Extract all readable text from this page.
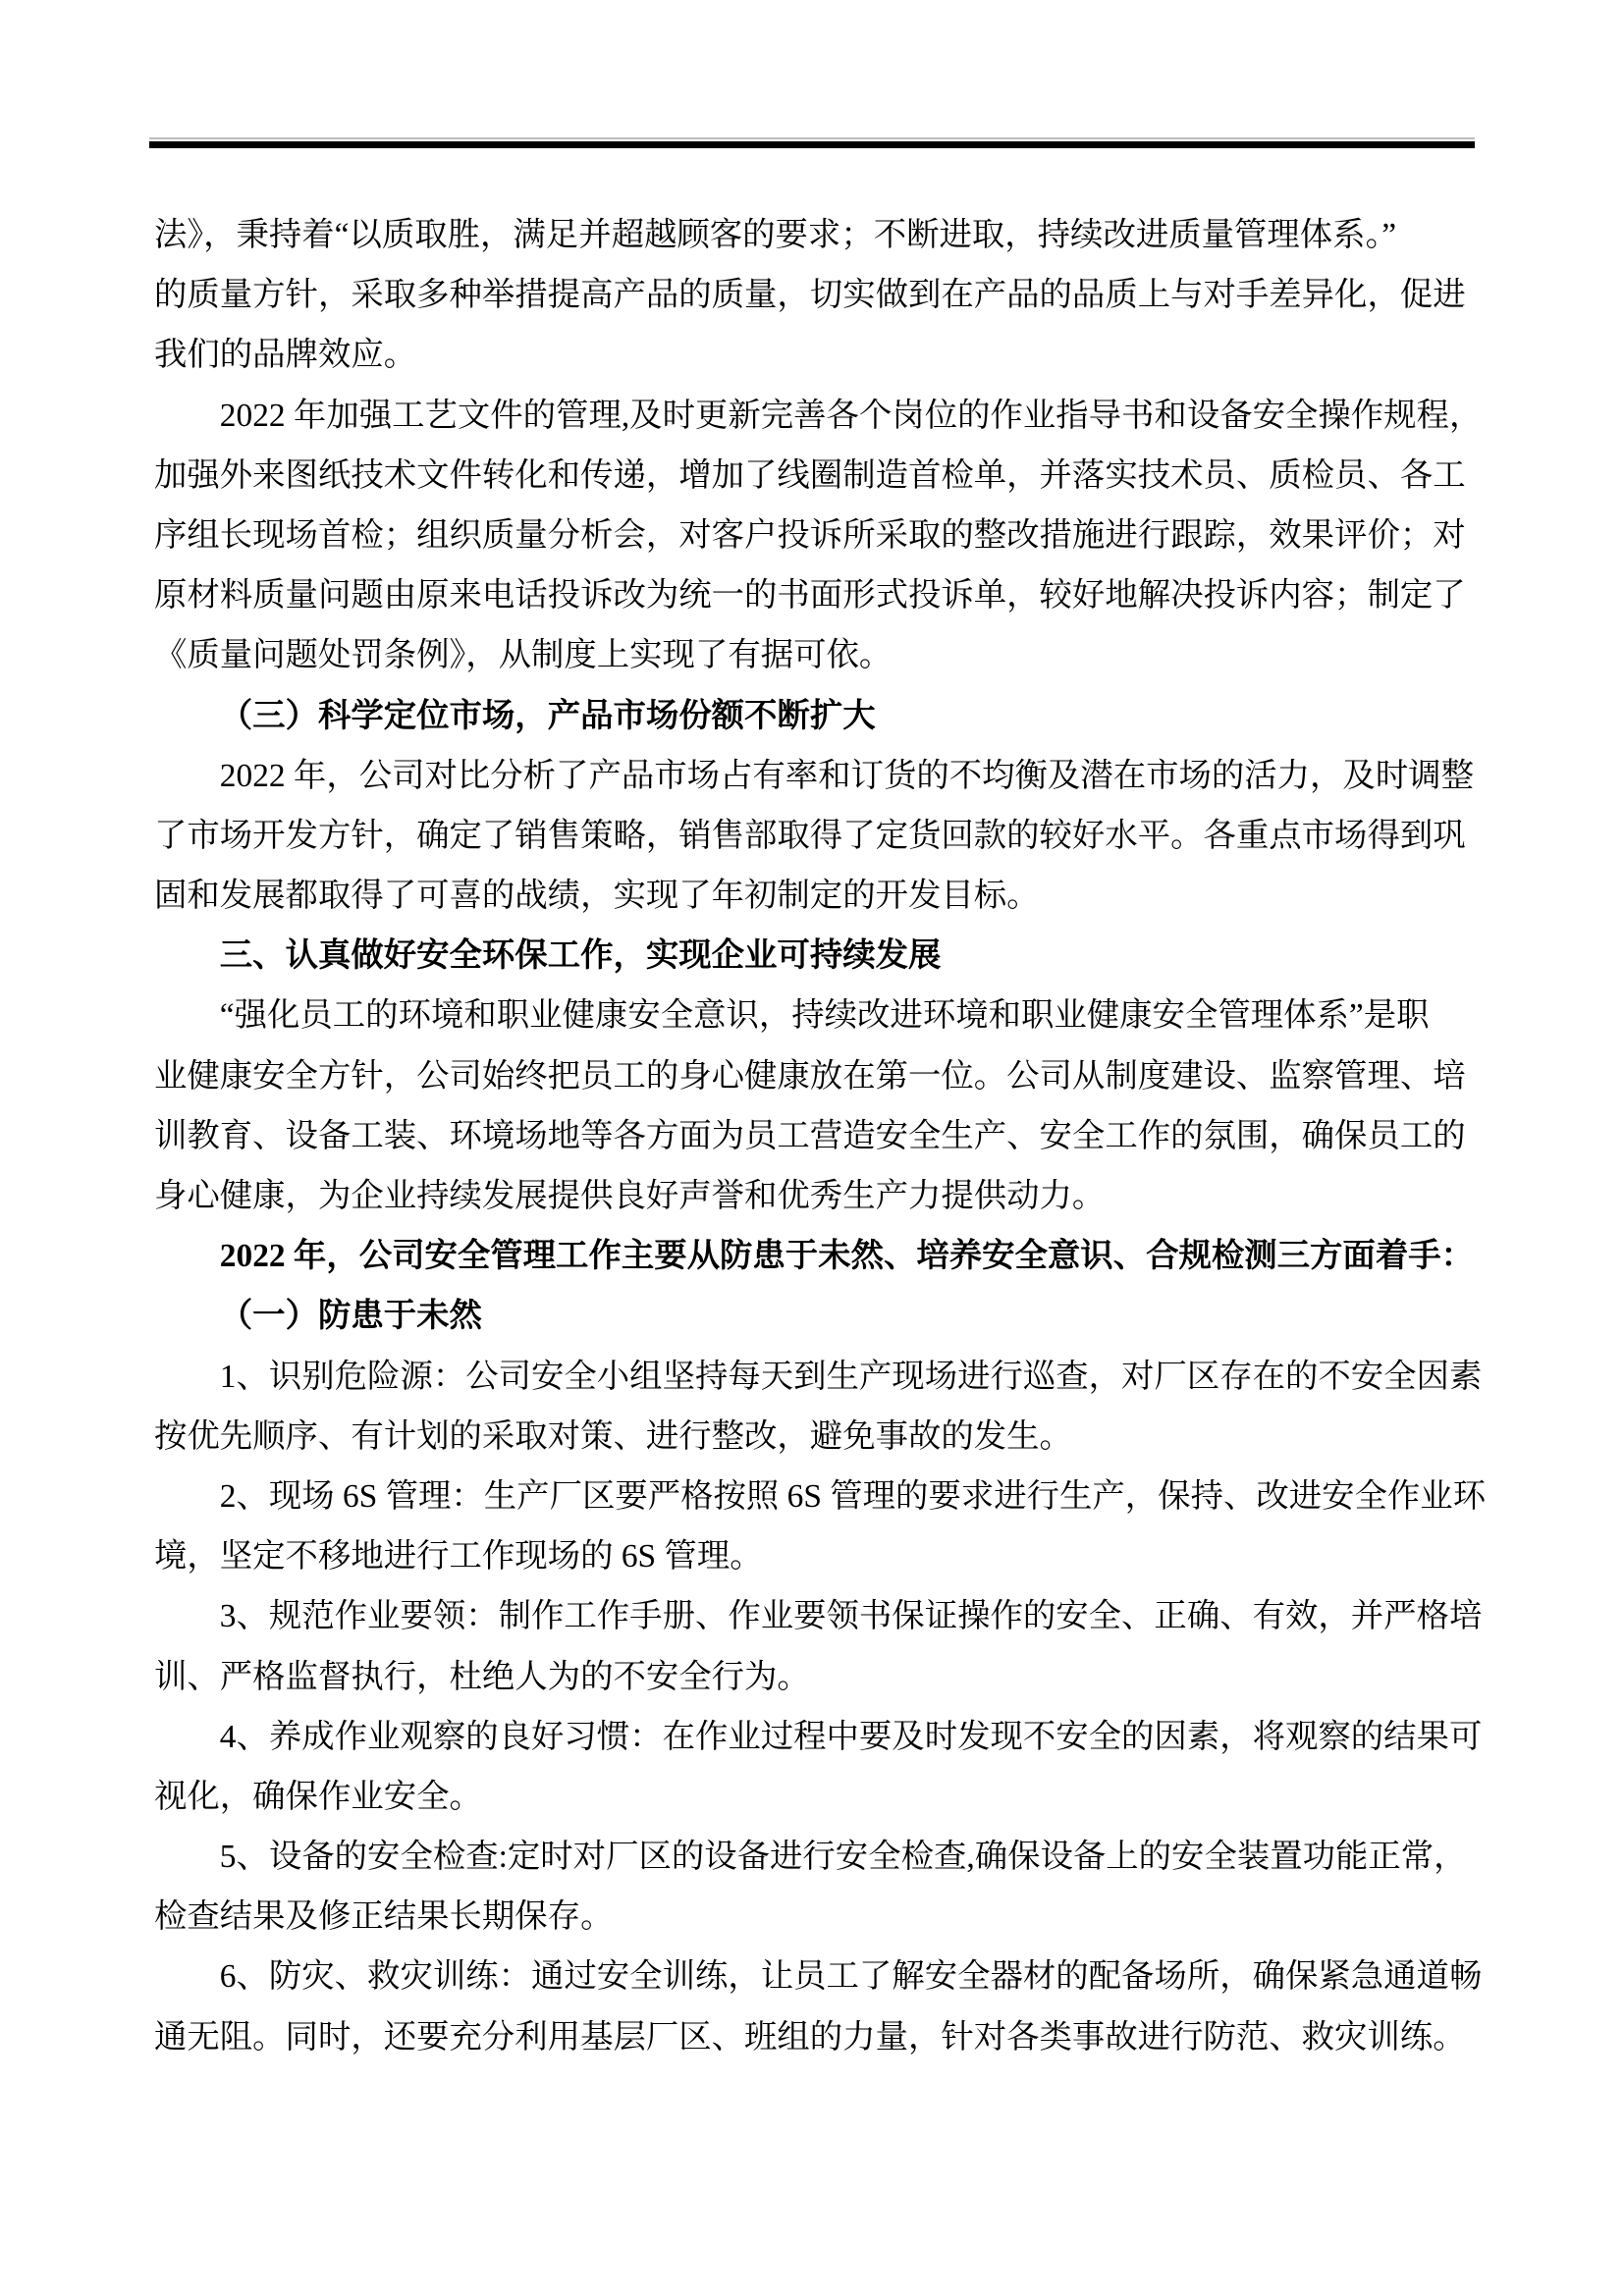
法》，秉持着“以质取胜，满足并超越顾客的要求；不断进取，持续改进质量管理体系。”
的质量方针，采取多种举措提高产品的质量，切实做到在产品的品质上与对手差异化，促进
我们的品牌效应。
2022 年加强工艺文件的管理,及时更新完善各个岗位的作业指导书和设备安全操作规程，
加强外来图纸技术文件转化和传递，增加了线圈制造首检单，并落实技术员、质检员、各工
序组长现场首检；组织质量分析会，对客户投诉所采取的整改措施进行跟踪，效果评价；对
原材料质量问题由原来电话投诉改为统一的书面形式投诉单，较好地解决投诉内容；制定了
《质量问题处罚条例》，从制度上实现了有据可依。
（三）科学定位市场，产品市场份额不断扩大
2022 年，公司对比分析了产品市场占有率和订货的不均衡及潜在市场的活力，及时调整
了市场开发方针，确定了销售策略，销售部取得了定货回款的较好水平。各重点市场得到巩
固和发展都取得了可喜的战绩，实现了年初制定的开发目标。
三、认真做好安全环保工作，实现企业可持续发展
“强化员工的环境和职业健康安全意识，持续改进环境和职业健康安全管理体系”是职
业健康安全方针，公司始终把员工的身心健康放在第一位。公司从制度建设、监察管理、培
训教育、设备工装、环境场地等各方面为员工营造安全生产、安全工作的氛围，确保员工的
身心健康，为企业持续发展提供良好声誉和优秀生产力提供动力。
2022 年，公司安全管理工作主要从防患于未然、培养安全意识、合规检测三方面着手：
（一）防患于未然
1、识别危险源：公司安全小组坚持每天到生产现场进行巡查，对厂区存在的不安全因素
按优先顺序、有计划的采取对策、进行整改，避免事故的发生。
2、现场 6S 管理：生产厂区要严格按照 6S 管理的要求进行生产，保持、改进安全作业环
境，坚定不移地进行工作现场的 6S 管理。
3、规范作业要领：制作工作手册、作业要领书保证操作的安全、正确、有效，并严格培
训、严格监督执行，杜绝人为的不安全行为。
4、养成作业观察的良好习惯：在作业过程中要及时发现不安全的因素，将观察的结果可
视化，确保作业安全。
5、设备的安全检查:定时对厂区的设备进行安全检查,确保设备上的安全装置功能正常，
检查结果及修正结果长期保存。
6、防灾、救灾训练：通过安全训练，让员工了解安全器材的配备场所，确保紧急通道畅
通无阻。同时，还要充分利用基层厂区、班组的力量，针对各类事故进行防范、救灾训练。
